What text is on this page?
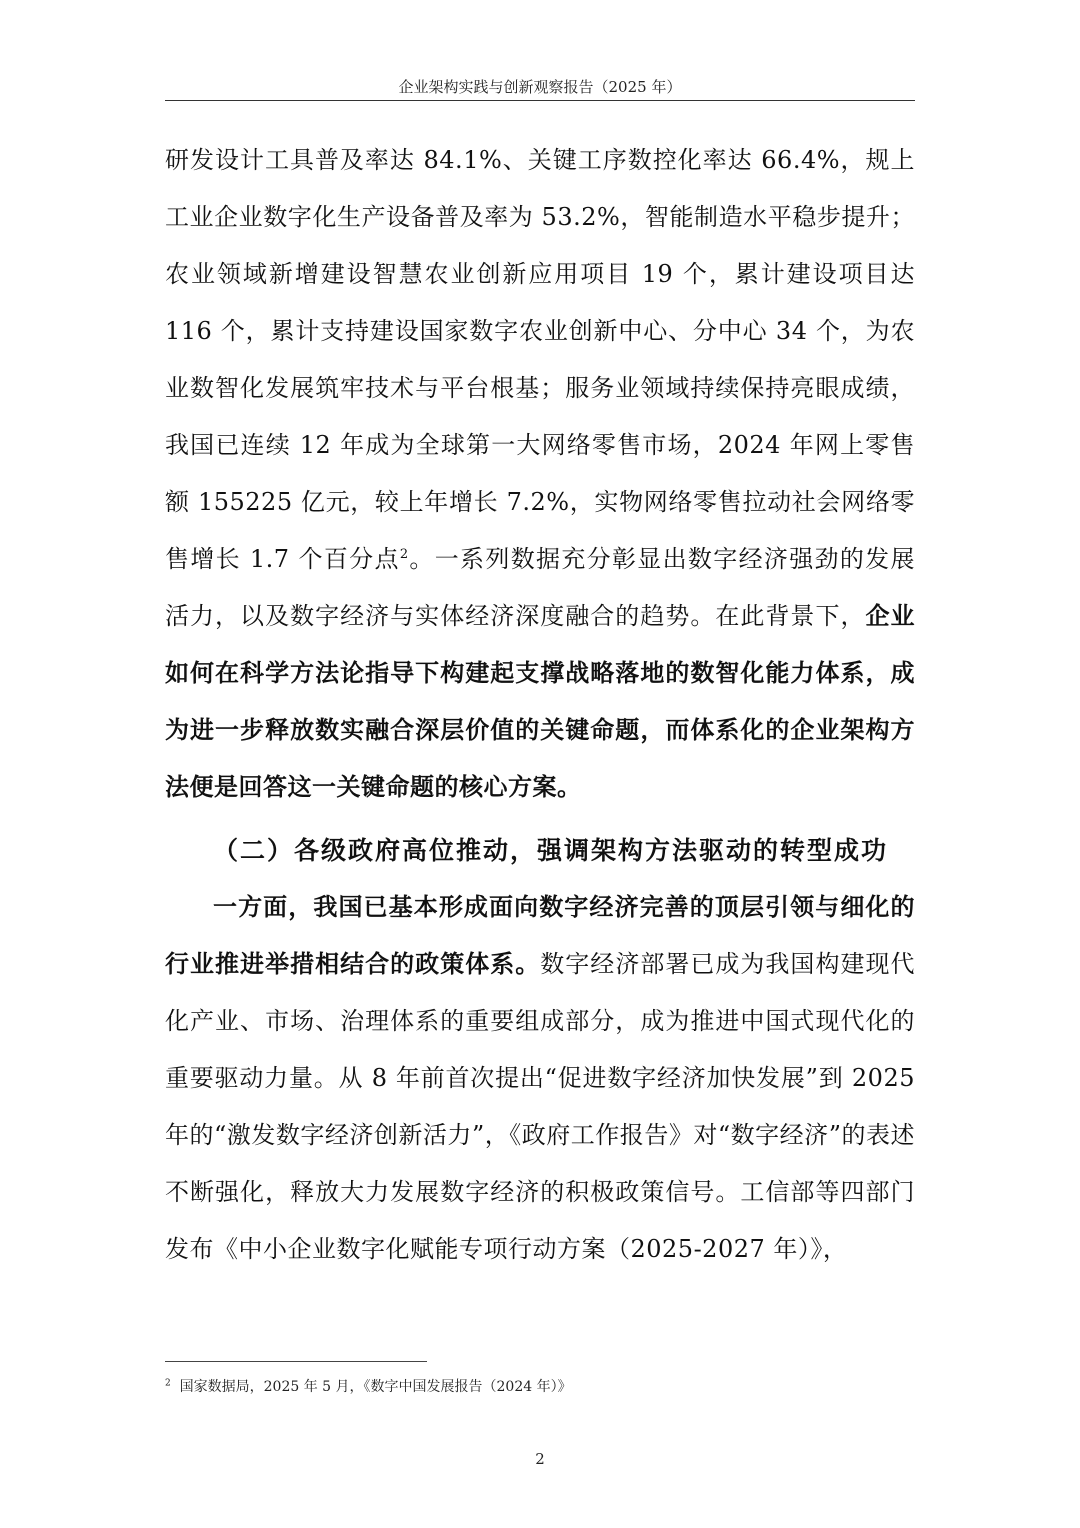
企业架构实践与创新观察报告（2025 年）

研发设计工具普及率达 84.1%、关键工序数控化率达 66.4%，规上工业企业数字化生产设备普及率为 53.2%，智能制造水平稳步提升；农业领域新增建设智慧农业创新应用项目 19 个，累计建设项目达 116 个，累计支持建设国家数字农业创新中心、分中心 34 个，为农业数智化发展筑牢技术与平台根基；服务业领域持续保持亮眼成绩，我国已连续 12 年成为全球第一大网络零售市场，2024 年网上零售额 155225 亿元，较上年增长 7.2%，实物网络零售拉动社会网络零售增长 1.7 个百分点$^2$。一系列数据充分彰显出数字经济强劲的发展活力，以及数字经济与实体经济深度融合的趋势。在此背景下，企业如何在科学方法论指导下构建起支撑战略落地的数智化能力体系，成为进一步释放数实融合深层价值的关键命题，而体系化的企业架构方法便是回答这一关键命题的核心方案。

（二）各级政府高位推动，强调架构方法驱动的转型成功

一方面，我国已基本形成面向数字经济完善的顶层引领与细化的行业推进举措相结合的政策体系。数字经济部署已成为我国构建现代化产业、市场、治理体系的重要组成部分，成为推进中国式现代化的重要驱动力量。从 8 年前首次提出“促进数字经济加快发展”到 2025 年的“激发数字经济创新活力”，《政府工作报告》对“数字经济”的表述不断强化，释放大力发展数字经济的积极政策信号。工信部等四部门发布《中小企业数字化赋能专项行动方案（2025-2027 年）》，

$^2$ 国家数据局，2025 年 5 月，《数字中国发展报告（2024 年）》
2
